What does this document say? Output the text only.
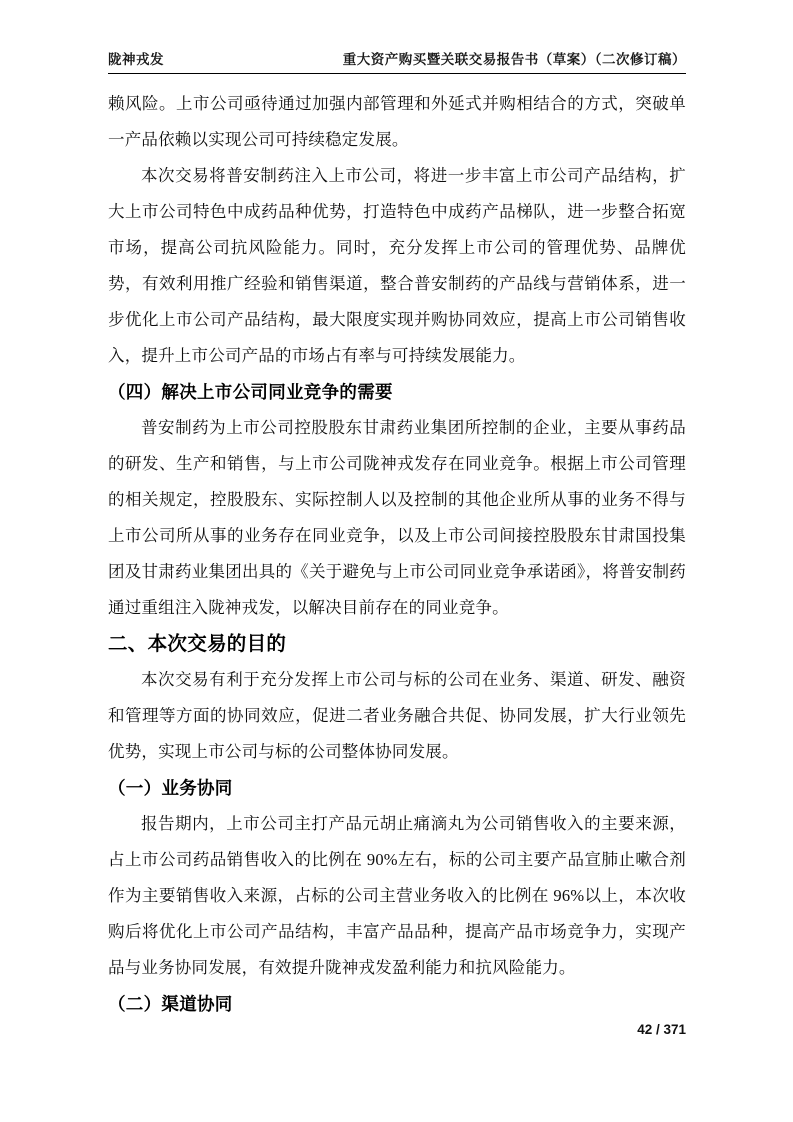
陇神戎发	重大资产购买暨关联交易报告书（草案）（二次修订稿）

赖风险。上市公司亟待通过加强内部管理和外延式并购相结合的方式，突破单一产品依赖以实现公司可持续稳定发展。

本次交易将普安制药注入上市公司，将进一步丰富上市公司产品结构，扩大上市公司特色中成药品种优势，打造特色中成药产品梯队，进一步整合拓宽市场，提高公司抗风险能力。同时，充分发挥上市公司的管理优势、品牌优势，有效利用推广经验和销售渠道，整合普安制药的产品线与营销体系，进一步优化上市公司产品结构，最大限度实现并购协同效应，提高上市公司销售收入，提升上市公司产品的市场占有率与可持续发展能力。

（四）解决上市公司同业竞争的需要

普安制药为上市公司控股股东甘肃药业集团所控制的企业，主要从事药品的研发、生产和销售，与上市公司陇神戎发存在同业竞争。根据上市公司管理的相关规定，控股股东、实际控制人以及控制的其他企业所从事的业务不得与上市公司所从事的业务存在同业竞争，以及上市公司间接控股股东甘肃国投集团及甘肃药业集团出具的《关于避免与上市公司同业竞争承诺函》，将普安制药通过重组注入陇神戎发，以解决目前存在的同业竞争。

二、本次交易的目的

本次交易有利于充分发挥上市公司与标的公司在业务、渠道、研发、融资和管理等方面的协同效应，促进二者业务融合共促、协同发展，扩大行业领先优势，实现上市公司与标的公司整体协同发展。

（一）业务协同

报告期内，上市公司主打产品元胡止痛滴丸为公司销售收入的主要来源，占上市公司药品销售收入的比例在 90%左右，标的公司主要产品宣肺止嗽合剂作为主要销售收入来源，占标的公司主营业务收入的比例在 96%以上，本次收购后将优化上市公司产品结构，丰富产品品种，提高产品市场竞争力，实现产品与业务协同发展，有效提升陇神戎发盈利能力和抗风险能力。

（二）渠道协同
42 / 371
